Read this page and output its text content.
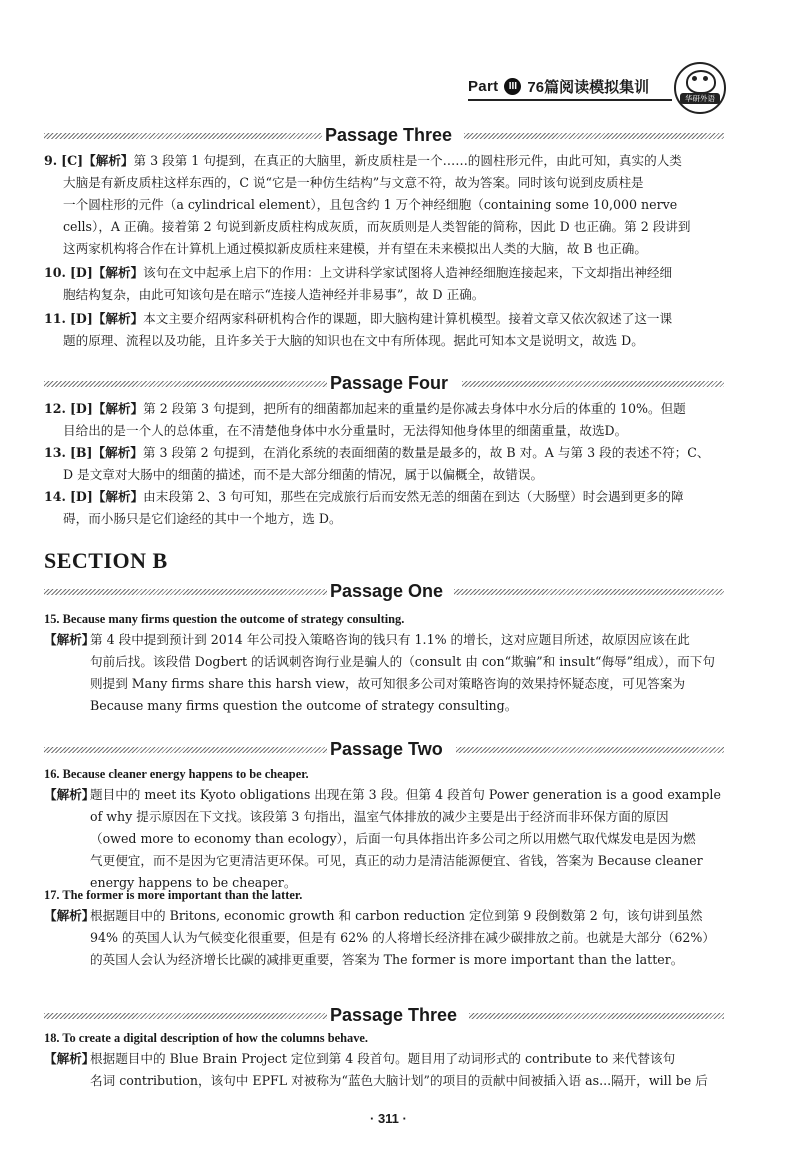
Part	III 76篇阅读模拟集训
华研外语
Passage Three
9. [C]【解析】第 3 段第 1 句提到，在真正的大脑里，新皮质柱是一个……的圆柱形元件，由此可知，真实的人类
大脑是有新皮质柱这样东西的，C 说“它是一种仿生结构”与文意不符，故为答案。同时该句说到皮质柱是
一个圆柱形的元件（a cylindrical element），且包含约 1 万个神经细胞（containing some 10,000 nerve
cells），A 正确。接着第 2 句说到新皮质柱构成灰质，而灰质则是人类智能的简称，因此 D 也正确。第 2 段讲到
这两家机构将合作在计算机上通过模拟新皮质柱来建模，并有望在未来模拟出人类的大脑，故 B 也正确。
10. [D]【解析】该句在文中起承上启下的作用：上文讲科学家试图将人造神经细胞连接起来，下文却指出神经细
胞结构复杂，由此可知该句是在暗示“连接人造神经并非易事”，故 D 正确。
11. [D]【解析】本文主要介绍两家科研机构合作的课题，即大脑构建计算机模型。接着文章又依次叙述了这一课
题的原理、流程以及功能，且许多关于大脑的知识也在文中有所体现。据此可知本文是说明文，故选 D。
Passage Four
12. [D]【解析】第 2 段第 3 句提到，把所有的细菌都加起来的重量约是你减去身体中水分后的体重的 10%。但题
目给出的是一个人的总体重，在不清楚他身体中水分重量时，无法得知他身体里的细菌重量，故选D。
13. [B]【解析】第 3 段第 2 句提到，在消化系统的表面细菌的数量是最多的，故 B 对。A 与第 3 段的表述不符；C、
D 是文章对大肠中的细菌的描述，而不是大部分细菌的情况，属于以偏概全，故错误。
14. [D]【解析】由末段第 2、3 句可知，那些在完成旅行后而安然无恙的细菌在到达（大肠壁）时会遇到更多的障
碍，而小肠只是它们途经的其中一个地方，选 D。
SECTION B
Passage One
15. Because many firms question the outcome of strategy consulting.
【解析】
第 4 段中提到预计到 2014 年公司投入策略咨询的钱只有 1.1% 的增长，这对应题目所述，故原因应该在此
句前后找。该段借 Dogbert 的话讽刺咨询行业是骗人的（consult 由 con“欺骗”和 insult“侮辱”组成），而下句
则提到 Many firms share this harsh view，故可知很多公司对策略咨询的效果持怀疑态度，可见答案为
Because many firms question the outcome of strategy consulting。
Passage Two
16. Because cleaner energy happens to be cheaper.
【解析】
题目中的 meet its Kyoto obligations 出现在第 3 段。但第 4 段首句 Power generation is a good example
of why 提示原因在下文找。该段第 3 句指出，温室气体排放的减少主要是出于经济而非环保方面的原因
（owed more to economy than ecology），后面一句具体指出许多公司之所以用燃气取代煤发电是因为燃
气更便宜，而不是因为它更清洁更环保。可见，真正的动力是清洁能源便宜、省钱，答案为 Because cleaner
energy happens to be cheaper。
17. The former is more important than the latter.
【解析】
根据题目中的 Britons, economic growth 和 carbon reduction 定位到第 9 段倒数第 2 句，该句讲到虽然
94% 的英国人认为气候变化很重要，但是有 62% 的人将增长经济排在减少碳排放之前。也就是大部分（62%）
的英国人会认为经济增长比碳的减排更重要，答案为 The former is more important than the latter。
Passage Three
18. To create a digital description of how the columns behave.
【解析】
根据题目中的 Blue Brain Project 定位到第 4 段首句。题目用了动词形式的 contribute to 来代替该句
名词 contribution，该句中 EPFL 对被称为“蓝色大脑计划”的项目的贡献中间被插入语 as...隔开，will be 后
· 311 ·
